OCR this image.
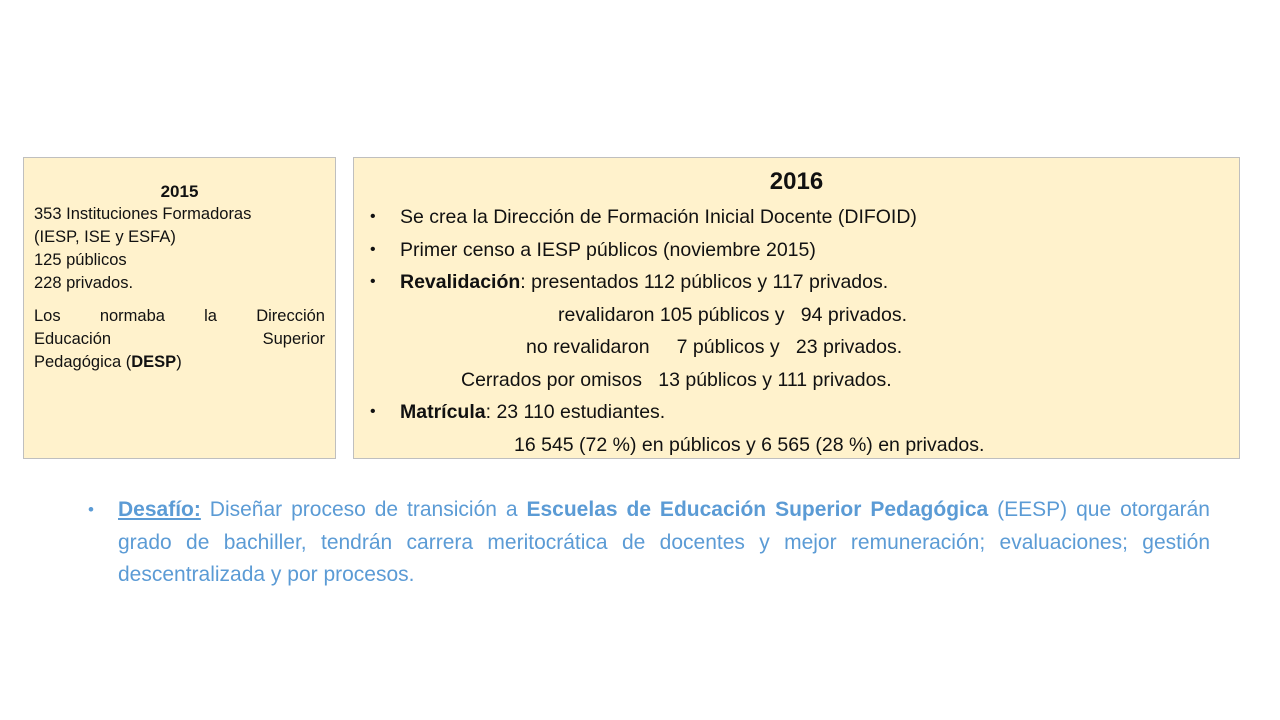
2015
353 Instituciones Formadoras
(IESP, ISE y ESFA)
125 públicos
228 privados.
Los normaba la Dirección
Educación	Superior
Pedagógica (DESP)
2016
• Se crea la Dirección de Formación Inicial Docente (DIFOID)
• Primer censo a IESP públicos (noviembre 2015)
• Revalidación: presentados 112 públicos y 117 privados.
revalidaron 105 públicos y   94 privados.
no revalidaron     7 públicos y   23 privados.
Cerrados por omisos   13 públicos y 111 privados.
• Matrícula: 23 110 estudiantes.
16 545 (72 %) en públicos y 6 565 (28 %) en privados.
• Desafío: Diseñar proceso de transición a Escuelas de Educación Superior Pedagógica (EESP) que otorgarán grado de bachiller, tendrán carrera meritocrática de docentes y mejor remuneración; evaluaciones; gestión descentralizada y por procesos.
